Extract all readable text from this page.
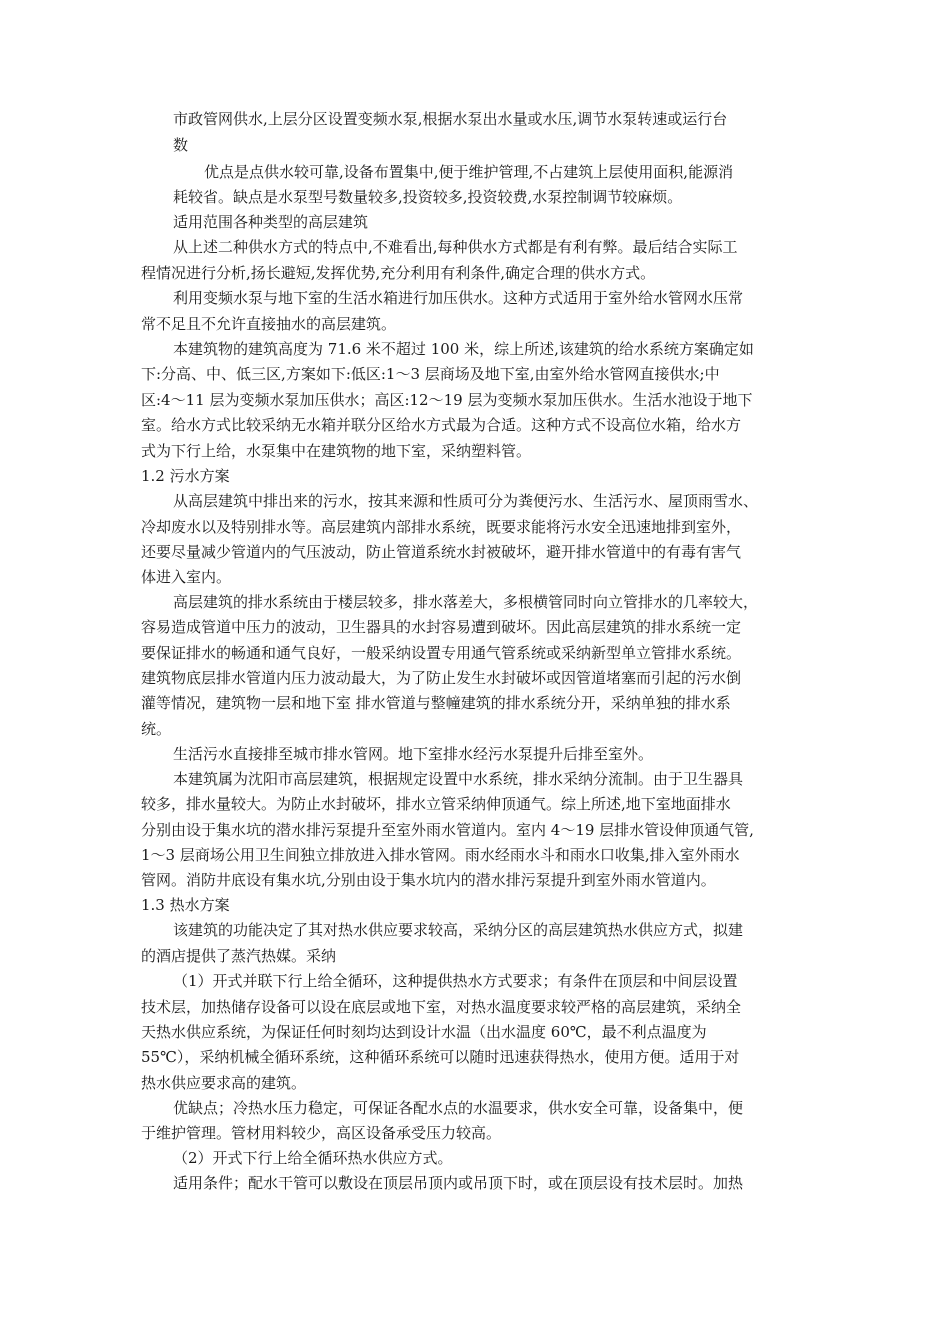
市政管网供水,上层分区设置变频水泵,根据水泵出水量或水压,调节水泵转速或运行台
数
优点是点供水较可靠,设备布置集中,便于维护管理,不占建筑上层使用面积,能源消
耗较省。缺点是水泵型号数量较多,投资较多,投资较费,水泵控制调节较麻烦。
适用范围各种类型的高层建筑
从上述二种供水方式的特点中,不难看出,每种供水方式都是有利有弊。最后结合实际工
程情况进行分析,扬长避短,发挥优势,充分利用有利条件,确定合理的供水方式。
利用变频水泵与地下室的生活水箱进行加压供水。这种方式适用于室外给水管网水压常
常不足且不允许直接抽水的高层建筑。
本建筑物的建筑高度为 71.6 米不超过 100 米，综上所述,该建筑的给水系统方案确定如
下:分高、中、低三区,方案如下:低区:1～3 层商场及地下室,由室外给水管网直接供水;中
区:4～11 层为变频水泵加压供水；高区:12～19 层为变频水泵加压供水。生活水池设于地下
室。给水方式比较采纳无水箱并联分区给水方式最为合适。这种方式不设高位水箱，给水方
式为下行上给，水泵集中在建筑物的地下室，采纳塑料管。
1.2 污水方案
从高层建筑中排出来的污水，按其来源和性质可分为粪便污水、生活污水、屋顶雨雪水、
冷却废水以及特别排水等。高层建筑内部排水系统，既要求能将污水安全迅速地排到室外，
还要尽量减少管道内的气压波动，防止管道系统水封被破坏，避开排水管道中的有毒有害气
体进入室内。
高层建筑的排水系统由于楼层较多，排水落差大，多根横管同时向立管排水的几率较大，
容易造成管道中压力的波动，卫生器具的水封容易遭到破坏。因此高层建筑的排水系统一定
要保证排水的畅通和通气良好，一般采纳设置专用通气管系统或采纳新型单立管排水系统。
建筑物底层排水管道内压力波动最大，为了防止发生水封破坏或因管道堵塞而引起的污水倒
灌等情况，建筑物一层和地下室 排水管道与整幢建筑的排水系统分开，采纳单独的排水系
统。
生活污水直接排至城市排水管网。地下室排水经污水泵提升后排至室外。
本建筑属为沈阳市高层建筑，根据规定设置中水系统，排水采纳分流制。由于卫生器具
较多，排水量较大。为防止水封破坏，排水立管采纳伸顶通气。综上所述,地下室地面排水
分别由设于集水坑的潜水排污泵提升至室外雨水管道内。室内 4～19 层排水管设伸顶通气管,
1～3 层商场公用卫生间独立排放进入排水管网。雨水经雨水斗和雨水口收集,排入室外雨水
管网。消防井底设有集水坑,分别由设于集水坑内的潜水排污泵提升到室外雨水管道内。
1.3 热水方案
该建筑的功能决定了其对热水供应要求较高，采纳分区的高层建筑热水供应方式，拟建
的酒店提供了蒸汽热媒。采纳
（1）开式并联下行上给全循环，这种提供热水方式要求；有条件在顶层和中间层设置
技术层，加热储存设备可以设在底层或地下室，对热水温度要求较严格的高层建筑，采纳全
天热水供应系统，为保证任何时刻均达到设计水温（出水温度 60℃，最不利点温度为
55℃），采纳机械全循环系统，这种循环系统可以随时迅速获得热水，使用方便。适用于对
热水供应要求高的建筑。
优缺点；冷热水压力稳定，可保证各配水点的水温要求，供水安全可靠，设备集中，便
于维护管理。管材用料较少，高区设备承受压力较高。
（2）开式下行上给全循环热水供应方式。
适用条件；配水干管可以敷设在顶层吊顶内或吊顶下时，或在顶层设有技术层时。加热
